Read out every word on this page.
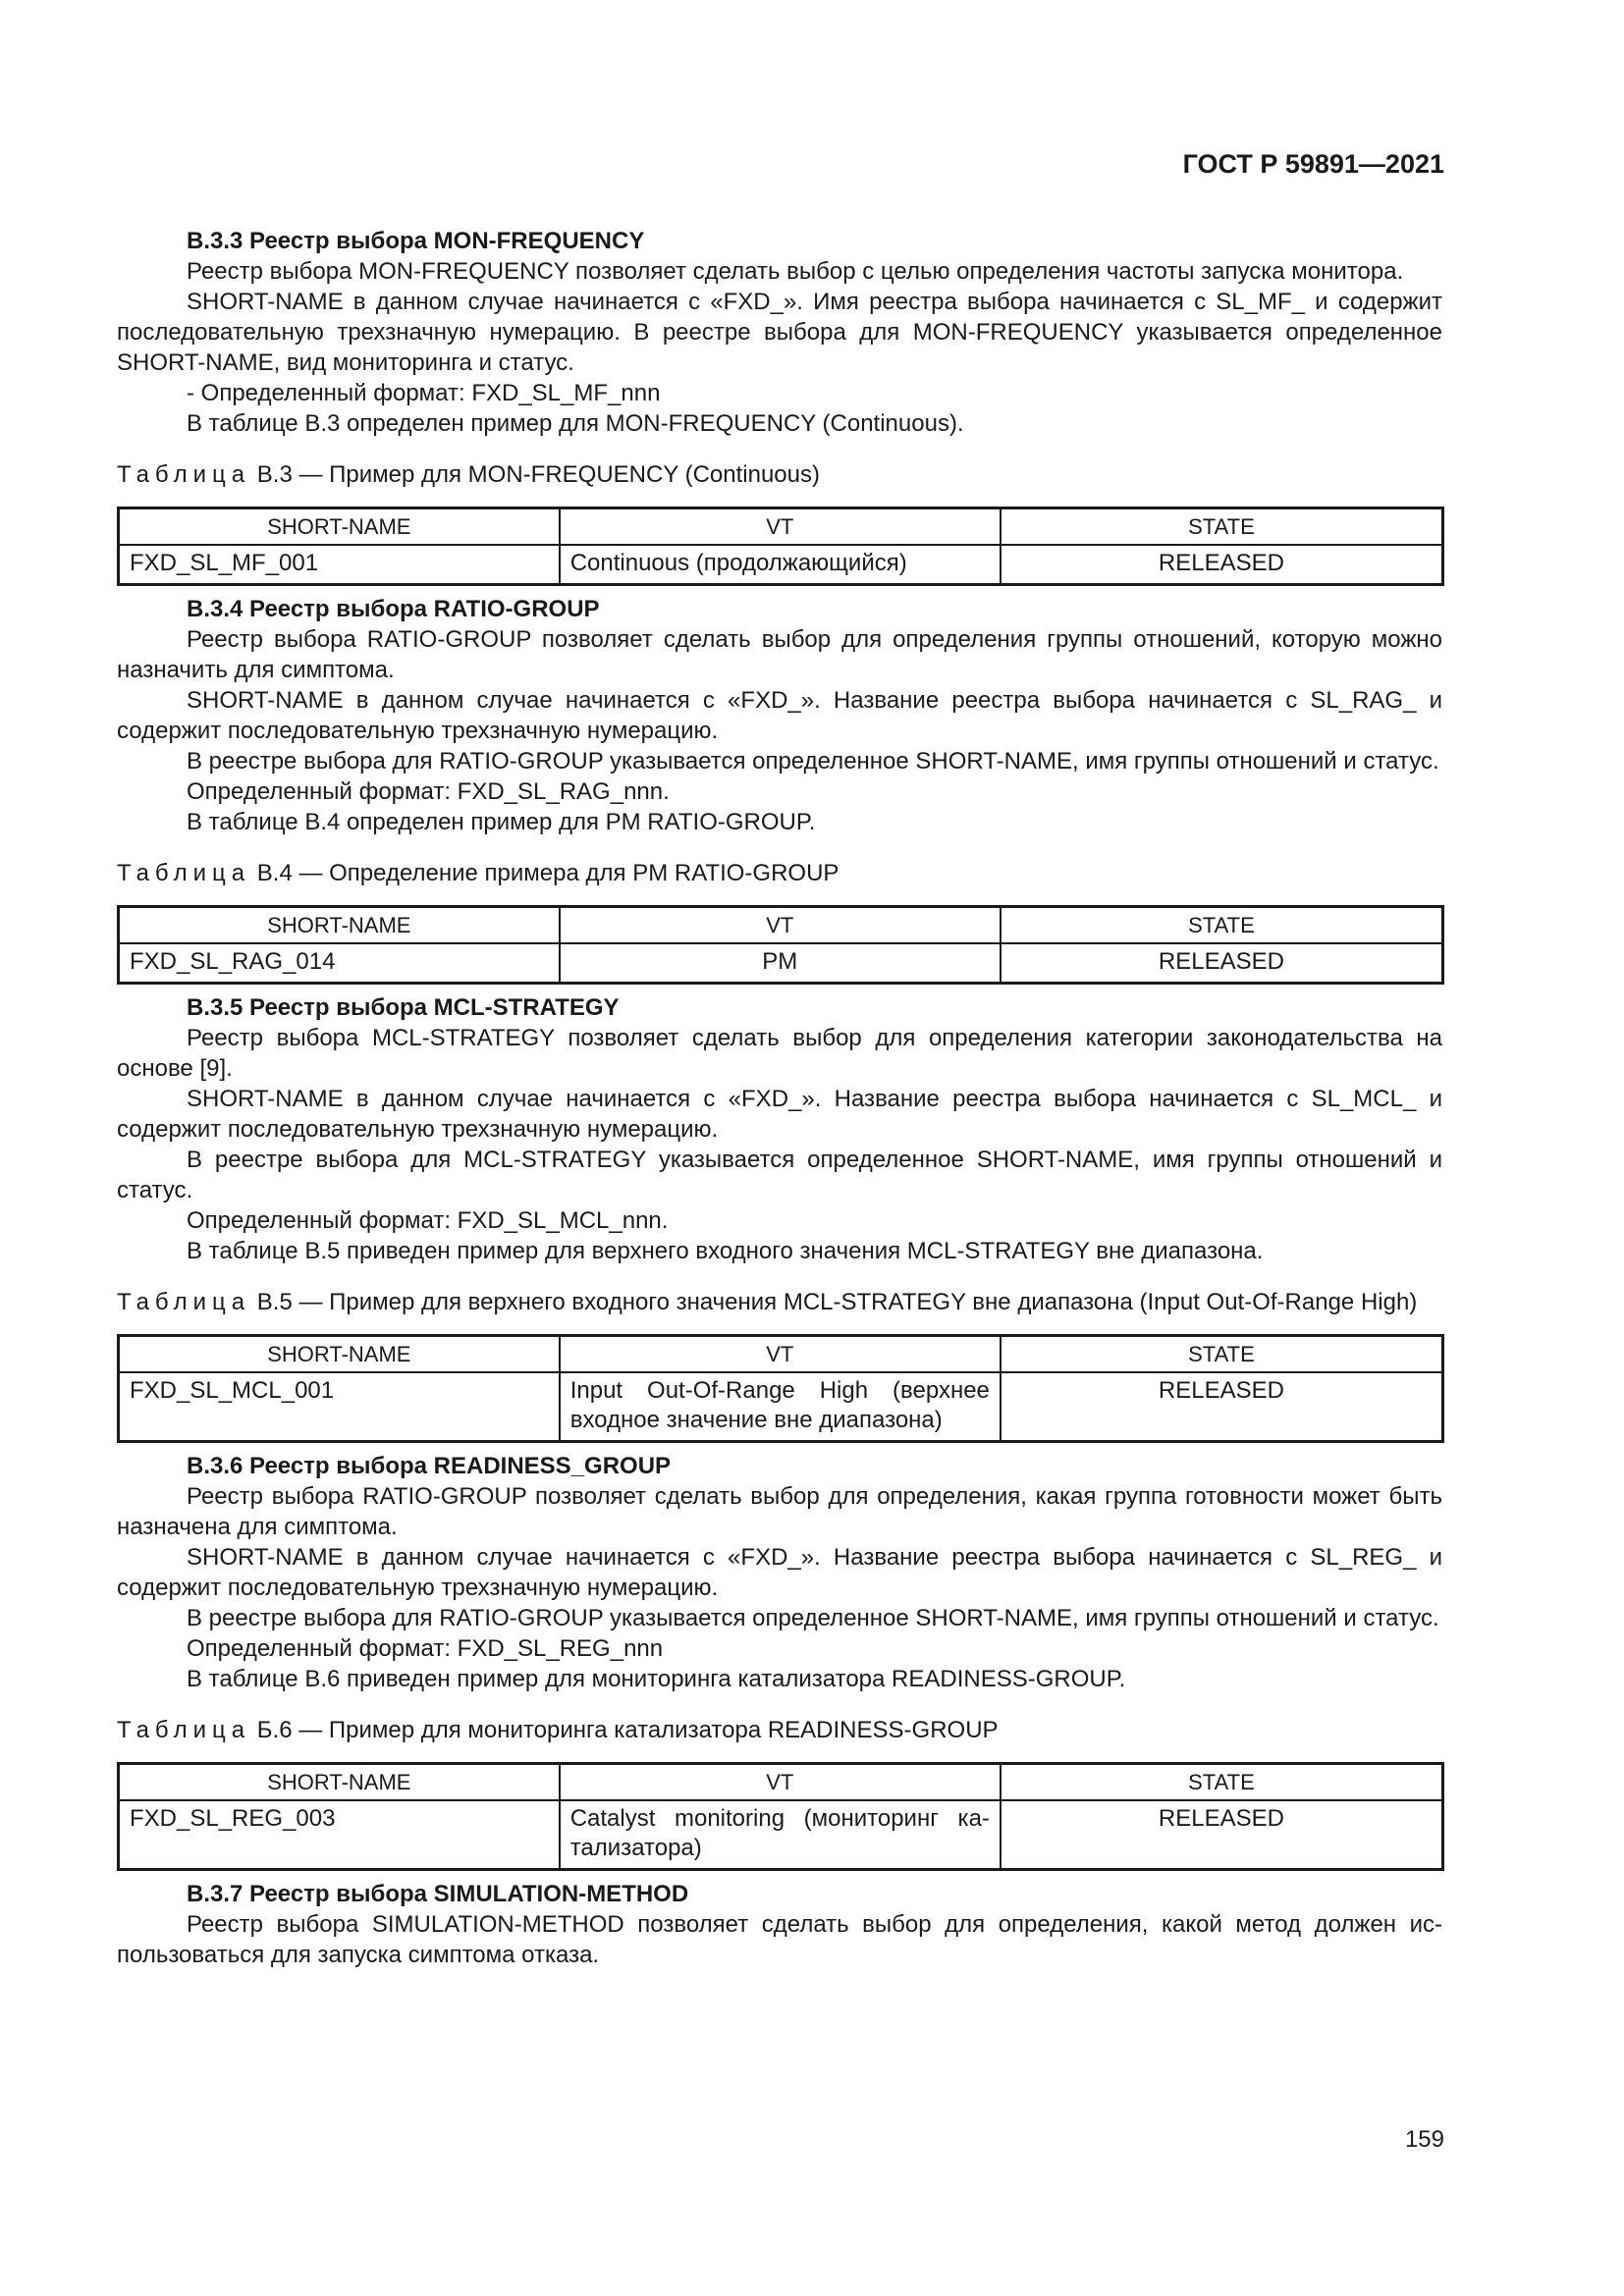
ГОСТ Р 59891—2021

В.3.3 Реестр выбора MON-FREQUENCY

Реестр выбора MON-FREQUENCY позволяет сделать выбор с целью определения частоты запуска монитора.

SHORT-NAME в данном случае начинается с «FXD_». Имя реестра выбора начинается с SL_MF_ и содержит последовательную трехзначную нумерацию. В реестре выбора для MON-FREQUENCY указывается определенное SHORT-NAME, вид мониторинга и статус.

- Определенный формат: FXD_SL_MF_nnn

В таблице В.3 определен пример для MON-FREQUENCY (Continuous).

Таблица В.3 — Пример для MON-FREQUENCY (Continuous)

SHORT-NAME	VT	STATE
FXD_SL_MF_001	Continuous (продолжающийся)	RELEASED

В.3.4 Реестр выбора RATIO-GROUP

Реестр выбора RATIO-GROUP позволяет сделать выбор для определения группы отношений, которую можно назначить для симптома.

SHORT-NAME в данном случае начинается с «FXD_». Название реестра выбора начинается с SL_RAG_ и содержит последовательную трехзначную нумерацию.

В реестре выбора для RATIO-GROUP указывается определенное SHORT-NAME, имя группы отношений и статус.

Определенный формат: FXD_SL_RAG_nnn.

В таблице В.4 определен пример для PM RATIO-GROUP.

Таблица В.4 — Определение примера для PM RATIO-GROUP

SHORT-NAME	VT	STATE
FXD_SL_RAG_014	PM	RELEASED

В.3.5 Реестр выбора MCL-STRATEGY

Реестр выбора MCL-STRATEGY позволяет сделать выбор для определения категории законодательства на основе [9].

SHORT-NAME в данном случае начинается с «FXD_». Название реестра выбора начинается с SL_MCL_ и содержит последовательную трехзначную нумерацию.

В реестре выбора для MCL-STRATEGY указывается определенное SHORT-NAME, имя группы отношений и статус.

Определенный формат: FXD_SL_MCL_nnn.

В таблице В.5 приведен пример для верхнего входного значения MCL-STRATEGY вне диапазона.

Таблица В.5 — Пример для верхнего входного значения MCL-STRATEGY вне диапазона (Input Out-Of-Range High)

SHORT-NAME	VT	STATE
FXD_SL_MCL_001	Input Out-Of-Range High (верхнее входное значение вне диапазона)	RELEASED

В.3.6 Реестр выбора READINESS_GROUP

Реестр выбора RATIO-GROUP позволяет сделать выбор для определения, какая группа готовности может быть назначена для симптома.

SHORT-NAME в данном случае начинается с «FXD_». Название реестра выбора начинается с SL_REG_ и содержит последовательную трехзначную нумерацию.

В реестре выбора для RATIO-GROUP указывается определенное SHORT-NAME, имя группы отношений и статус.

Определенный формат: FXD_SL_REG_nnn

В таблице В.6 приведен пример для мониторинга катализатора READINESS-GROUP.

Таблица Б.6 — Пример для мониторинга катализатора READINESS-GROUP

SHORT-NAME	VT	STATE
FXD_SL_REG_003	Catalyst monitoring (мониторинг ка-тализатора)	RELEASED

В.3.7 Реестр выбора SIMULATION-METHOD

Реестр выбора SIMULATION-METHOD позволяет сделать выбор для определения, какой метод должен ис-пользоваться для запуска симптома отказа.

159
